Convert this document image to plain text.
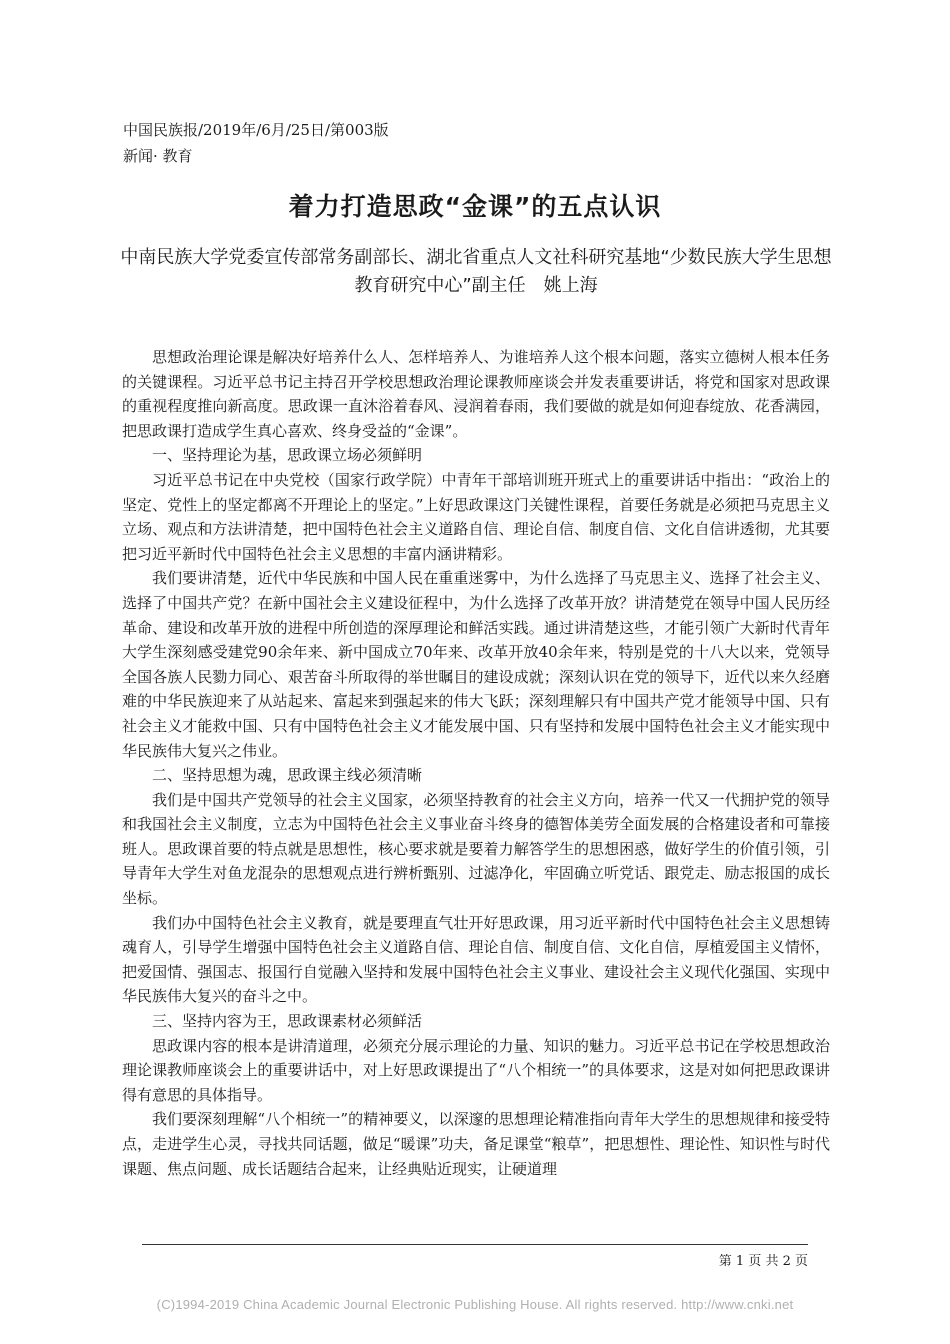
中国民族报/2019年/6月/25日/第003版
新闻· 教育
着力打造思政“金课”的五点认识
中南民族大学党委宣传部常务副部长、湖北省重点人文社科研究基地“少数民族大学生思想教育研究中心”副主任　姚上海

思想政治理论课是解决好培养什么人、怎样培养人、为谁培养人这个根本问题，落实立德树人根本任务的关键课程。习近平总书记主持召开学校思想政治理论课教师座谈会并发表重要讲话，将党和国家对思政课的重视程度推向新高度。思政课一直沐浴着春风、浸润着春雨，我们要做的就是如何迎春绽放、花香满园，把思政课打造成学生真心喜欢、终身受益的“金课”。

一、坚持理论为基，思政课立场必须鲜明

习近平总书记在中央党校（国家行政学院）中青年干部培训班开班式上的重要讲话中指出：“政治上的坚定、党性上的坚定都离不开理论上的坚定。”上好思政课这门关键性课程，首要任务就是必须把马克思主义立场、观点和方法讲清楚，把中国特色社会主义道路自信、理论自信、制度自信、文化自信讲透彻，尤其要把习近平新时代中国特色社会主义思想的丰富内涵讲精彩。

我们要讲清楚，近代中华民族和中国人民在重重迷雾中，为什么选择了马克思主义、选择了社会主义、选择了中国共产党？在新中国社会主义建设征程中，为什么选择了改革开放？讲清楚党在领导中国人民历经革命、建设和改革开放的进程中所创造的深厚理论和鲜活实践。通过讲清楚这些，才能引领广大新时代青年大学生深刻感受建党90余年来、新中国成立70年来、改革开放40余年来，特别是党的十八大以来，党领导全国各族人民勠力同心、艰苦奋斗所取得的举世瞩目的建设成就；深刻认识在党的领导下，近代以来久经磨难的中华民族迎来了从站起来、富起来到强起来的伟大飞跃；深刻理解只有中国共产党才能领导中国、只有社会主义才能救中国、只有中国特色社会主义才能发展中国、只有坚持和发展中国特色社会主义才能实现中华民族伟大复兴之伟业。

二、坚持思想为魂，思政课主线必须清晰

我们是中国共产党领导的社会主义国家，必须坚持教育的社会主义方向，培养一代又一代拥护党的领导和我国社会主义制度，立志为中国特色社会主义事业奋斗终身的德智体美劳全面发展的合格建设者和可靠接班人。思政课首要的特点就是思想性，核心要求就是要着力解答学生的思想困惑，做好学生的价值引领，引导青年大学生对鱼龙混杂的思想观点进行辨析甄别、过滤净化，牢固确立听党话、跟党走、励志报国的成长坐标。

我们办中国特色社会主义教育，就是要理直气壮开好思政课，用习近平新时代中国特色社会主义思想铸魂育人，引导学生增强中国特色社会主义道路自信、理论自信、制度自信、文化自信，厚植爱国主义情怀，把爱国情、强国志、报国行自觉融入坚持和发展中国特色社会主义事业、建设社会主义现代化强国、实现中华民族伟大复兴的奋斗之中。

三、坚持内容为王，思政课素材必须鲜活

思政课内容的根本是讲清道理，必须充分展示理论的力量、知识的魅力。习近平总书记在学校思想政治理论课教师座谈会上的重要讲话中，对上好思政课提出了“八个相统一”的具体要求，这是对如何把思政课讲得有意思的具体指导。

我们要深刻理解“八个相统一”的精神要义，以深邃的思想理论精准指向青年大学生的思想规律和接受特点，走进学生心灵，寻找共同话题，做足“暖课”功夫，备足课堂“粮草”，把思想性、理论性、知识性与时代课题、焦点问题、成长话题结合起来，让经典贴近现实，让硬道理

第 1 页 共 2 页
(C)1994-2019 China Academic Journal Electronic Publishing House. All rights reserved. http://www.cnki.net
